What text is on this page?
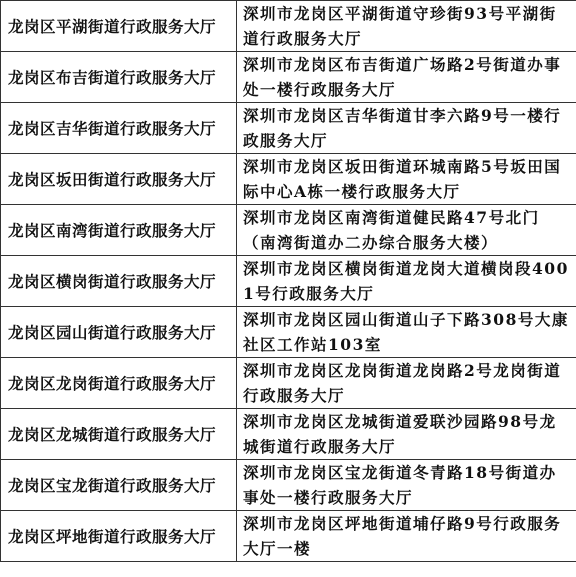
龙岗区平湖街道行政服务大厅	深圳市龙岗区平湖街道守珍街93号平湖街道行政服务大厅
龙岗区布吉街道行政服务大厅	深圳市龙岗区布吉街道广场路2号街道办事处一楼行政服务大厅
龙岗区吉华街道行政服务大厅	深圳市龙岗区吉华街道甘李六路9号一楼行政服务大厅
龙岗区坂田街道行政服务大厅	深圳市龙岗区坂田街道环城南路5号坂田国际中心A栋一楼行政服务大厅
龙岗区南湾街道行政服务大厅	深圳市龙岗区南湾街道健民路47号北门（南湾街道办二办综合服务大楼）
龙岗区横岗街道行政服务大厅	深圳市龙岗区横岗街道龙岗大道横岗段4001号行政服务大厅
龙岗区园山街道行政服务大厅	深圳市龙岗区园山街道山子下路308号大康社区工作站103室
龙岗区龙岗街道行政服务大厅	深圳市龙岗区龙岗街道龙岗路2号龙岗街道行政服务大厅
龙岗区龙城街道行政服务大厅	深圳市龙岗区龙城街道爱联沙园路98号龙城街道行政服务大厅
龙岗区宝龙街道行政服务大厅	深圳市龙岗区宝龙街道冬青路18号街道办事处一楼行政服务大厅
龙岗区坪地街道行政服务大厅	深圳市龙岗区坪地街道埔仔路9号行政服务大厅一楼
